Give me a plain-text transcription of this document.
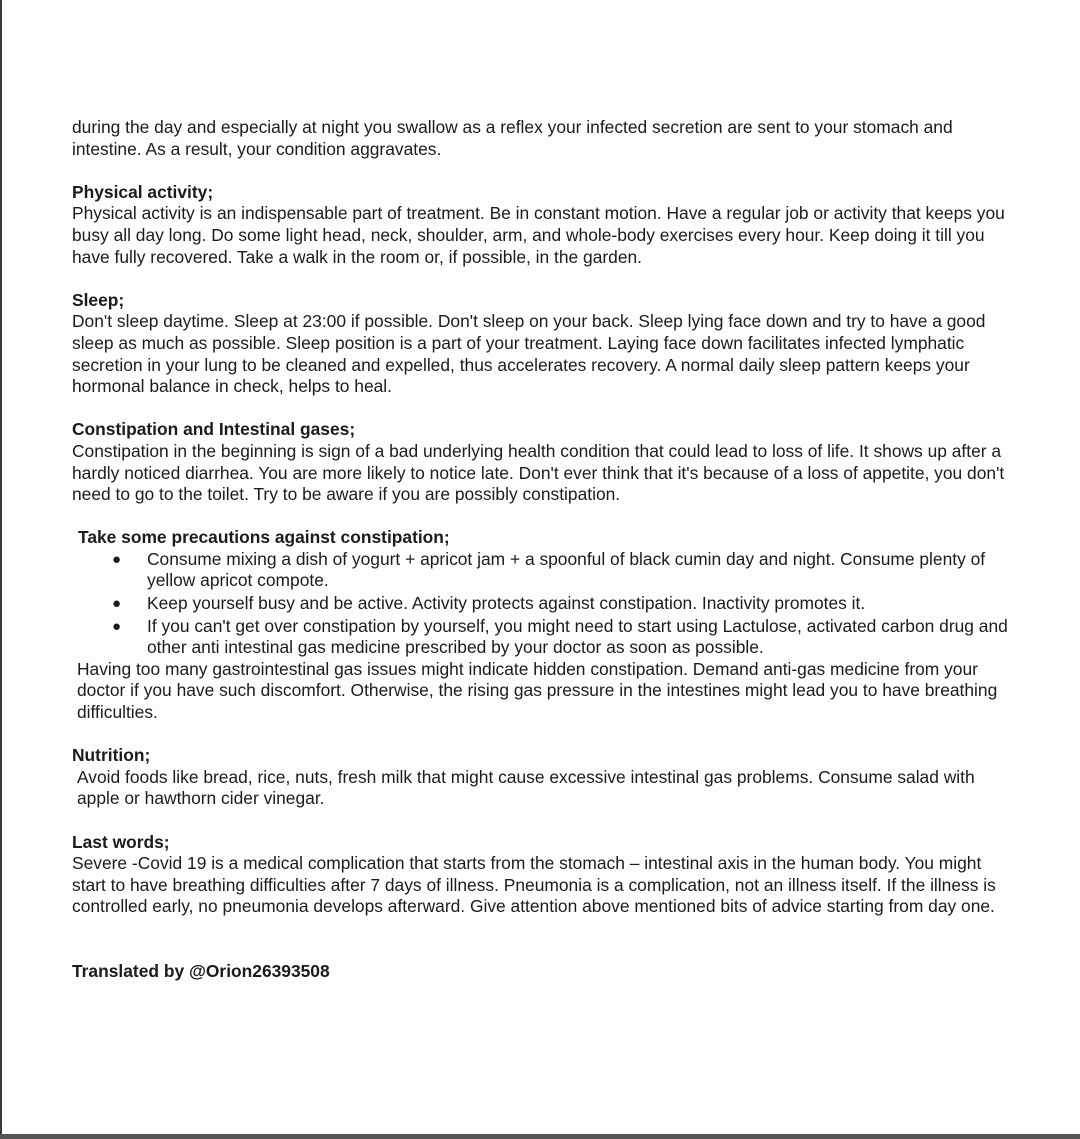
during the day and especially at night you swallow as a reflex your infected secretion are sent to your stomach and intestine. As a result, your condition aggravates.

Physical activity;

Physical activity is an indispensable part of treatment. Be in constant motion. Have a regular job or activity that keeps you busy all day long. Do some light head, neck, shoulder, arm, and whole-body exercises every hour. Keep doing it till you have fully recovered. Take a walk in the room or, if possible, in the garden.

Sleep;

Don't sleep daytime. Sleep at 23:00 if possible. Don't sleep on your back. Sleep lying face down and try to have a good sleep as much as possible. Sleep position is a part of your treatment. Laying face down facilitates infected lymphatic secretion in your lung to be cleaned and expelled, thus accelerates recovery. A normal daily sleep pattern keeps your hormonal balance in check, helps to heal.

Constipation and Intestinal gases;

Constipation in the beginning is sign of a bad underlying health condition that could lead to loss of life. It shows up after a hardly noticed diarrhea. You are more likely to notice late. Don't ever think that it's because of a loss of appetite, you don't need to go to the toilet. Try to be aware if you are possibly constipation.

Take some precautions against constipation;

● Consume mixing a dish of yogurt + apricot jam + a spoonful of black cumin day and night. Consume plenty of yellow apricot compote.
● Keep yourself busy and be active. Activity protects against constipation. Inactivity promotes it.
● If you can't get over constipation by yourself, you might need to start using Lactulose, activated carbon drug and other anti intestinal gas medicine prescribed by your doctor as soon as possible.

Having too many gastrointestinal gas issues might indicate hidden constipation. Demand anti-gas medicine from your doctor if you have such discomfort. Otherwise, the rising gas pressure in the intestines might lead you to have breathing difficulties.

Nutrition;

Avoid foods like bread, rice, nuts, fresh milk that might cause excessive intestinal gas problems. Consume salad with apple or hawthorn cider vinegar.

Last words;

Severe -Covid 19 is a medical complication that starts from the stomach – intestinal axis in the human body. You might start to have breathing difficulties after 7 days of illness. Pneumonia is a complication, not an illness itself. If the illness is controlled early, no pneumonia develops afterward. Give attention above mentioned bits of advice starting from day one.

Translated by @Orion26393508
